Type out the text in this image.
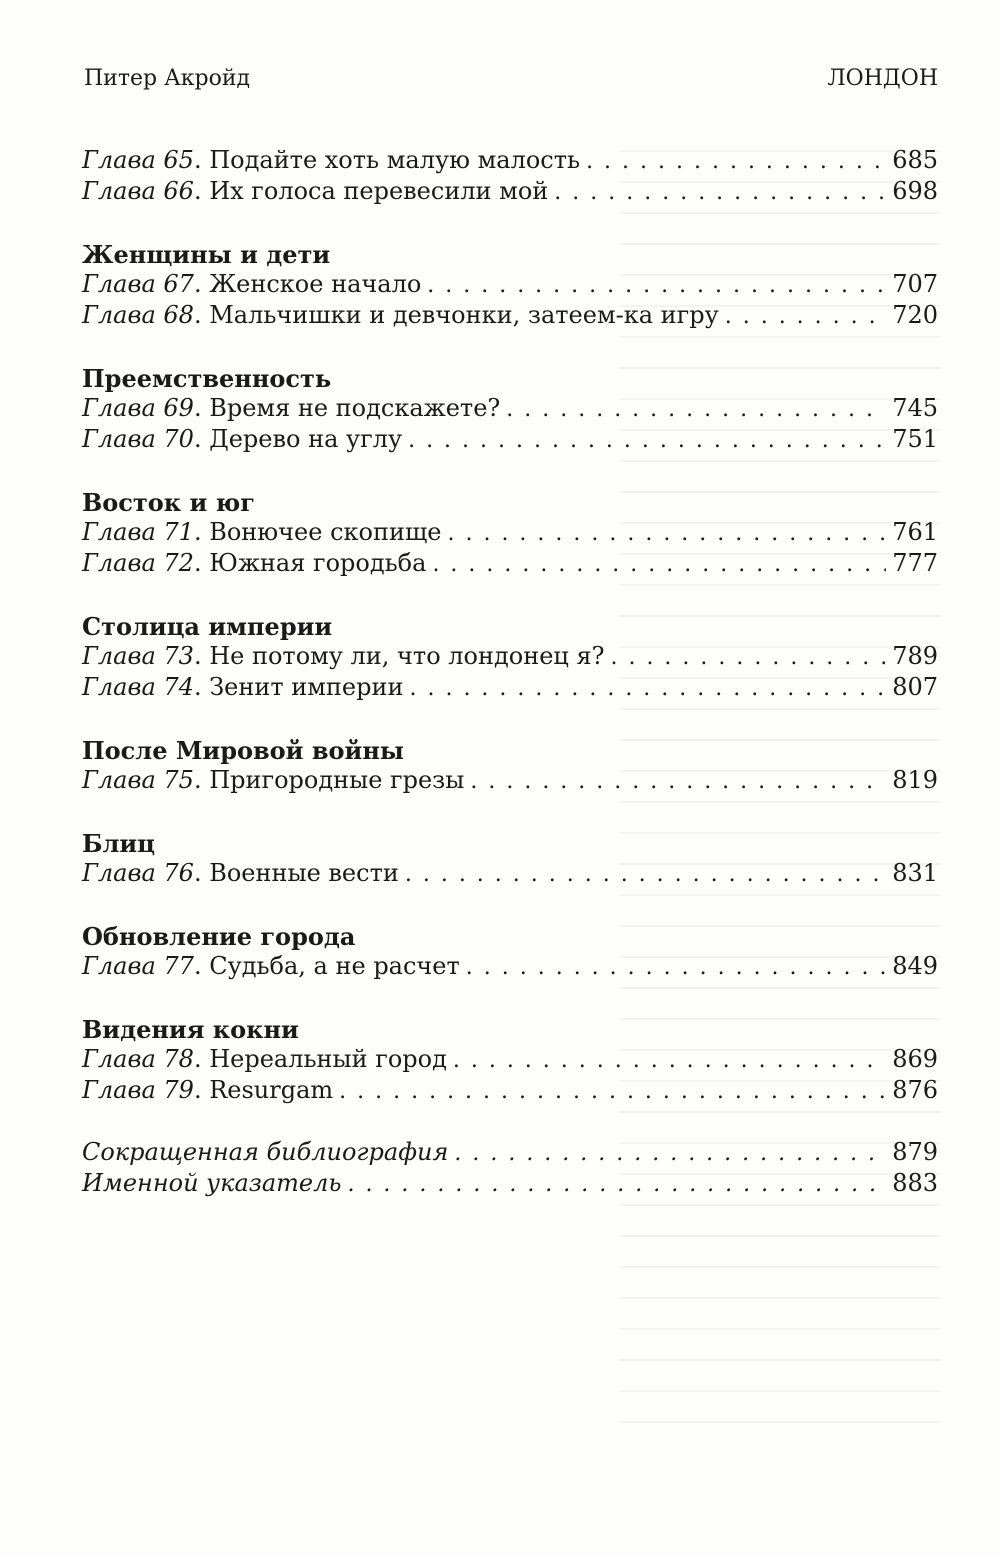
Питер Акройд	ЛОНДОН
Глава 65 . Подайте хоть малую малость . . .	685
Глава 66 . Их голоса перевесили мой . . .	698
Женщины и дети
Глава 67 . Женское начало . . .	707
Глава 68 . Мальчишки и девчонки, затеем-ка игру . . .	720
Преемственность
Глава 69 . Время не подскажете? . . .	745
Глава 70 . Дерево на углу . . .	751
Восток и юг
Глава 71 . Вонючее скопище . . .	761
Глава 72 . Южная городьба . . .	777
Столица империи
Глава 73 . Не потому ли, что лондонец я? . . .	789
Глава 74 . Зенит империи . . .	807
После Мировой войны
Глава 75 . Пригородные грезы . . .	819
Блиц
Глава 76 . Военные вести . . .	831
Обновление города
Глава 77 . Судьба, а не расчет . . .	849
Видения кокни
Глава 78 . Нереальный город . . .	869
Глава 79 . Resurgam . . .	876
Сокращенная библиография . . .	879
Именной указатель . . .	883
